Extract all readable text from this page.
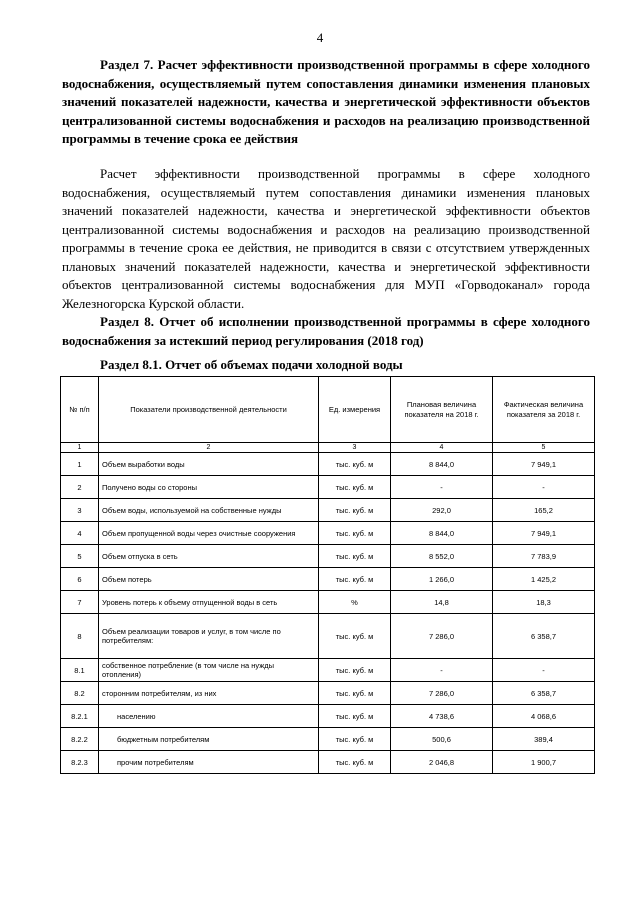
4

Раздел 7. Расчет эффективности производственной программы в сфере холодного водоснабжения, осуществляемый путем сопоставления динамики изменения плановых значений показателей надежности, качества и энергетической эффективности объектов централизованной системы водоснабжения и расходов на реализацию производственной программы в течение срока ее действия

Расчет эффективности производственной программы в сфере холодного водоснабжения, осуществляемый путем сопоставления динамики изменения плановых значений показателей надежности, качества и энергетической эффективности объектов централизованной системы водоснабжения и расходов на реализацию производственной программы в течение срока ее действия, не приводится в связи с отсутствием утвержденных плановых значений показателей надежности, качества и энергетической эффективности объектов централизованной системы водоснабжения для МУП «Горводоканал» города Железногорска Курской области.

Раздел 8. Отчет об исполнении производственной программы в сфере холодного водоснабжения за истекший период регулирования (2018 год)

Раздел 8.1. Отчет об объемах подачи холодной воды
№ п/п	Показатели производственной деятельности	Ед. измерения	Плановая величина показателя на 2018 г.	Фактическая величина показателя за 2018 г.
1	2	3	4	5
1	Объем выработки воды	тыс. куб. м	8 844,0	7 949,1
2	Получено воды со стороны	тыс. куб. м	-	-
3	Объем воды, используемой на собственные нужды	тыс. куб. м	292,0	165,2
4	Объем пропущенной воды через очистные сооружения	тыс. куб. м	8 844,0	7 949,1
5	Объем отпуска в сеть	тыс. куб. м	8 552,0	7 783,9
6	Объем потерь	тыс. куб. м	1 266,0	1 425,2
7	Уровень потерь к объему отпущенной воды в сеть	%	14,8	18,3
8	Объем реализации товаров и услуг, в том числе по потребителям:	тыс. куб. м	7 286,0	6 358,7
8.1	собственное потребление (в том числе на нужды отопления)	тыс. куб. м	-	-
8.2	сторонним потребителям, из них	тыс. куб. м	7 286,0	6 358,7
8.2.1	населению	тыс. куб. м	4 738,6	4 068,6
8.2.2	бюджетным потребителям	тыс. куб. м	500,6	389,4
8.2.3	прочим потребителям	тыс. куб. м	2 046,8	1 900,7
